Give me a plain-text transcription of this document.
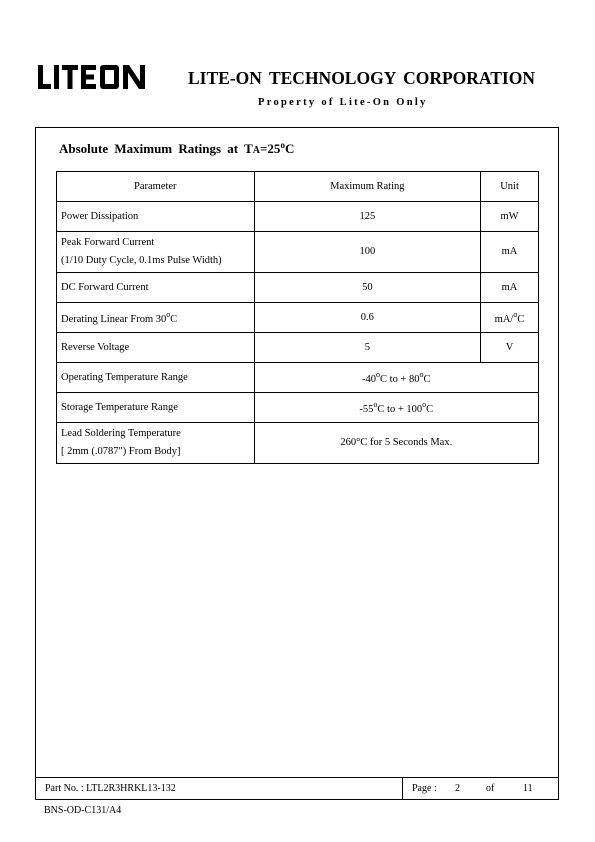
LITE-ON TECHNOLOGY CORPORATION
Property of Lite-On Only
Absolute Maximum Ratings at $TA=25^oC$
Parameter	Maximum Rating	Unit
Power Dissipation	125	mW
Peak Forward Current
(1/10 Duty Cycle, 0.1ms Pulse Width)	100	mA
DC Forward Current	50	mA
Derating Linear From 30$^o$C	0.6	mA/$^o$C
Reverse Voltage	5	V
Operating Temperature Range	-40$^o$C to + $80^oC$	
Storage Temperature Range	-55$^o$C to + $100^oC$	
Lead Soldering Temperature
[ 2mm (.0787") From Body]	260°C for 5 Seconds Max.	
Part No. : LTL2R3HRKL13-132	Page : 2	of	11
BNS-OD-C131/A4
